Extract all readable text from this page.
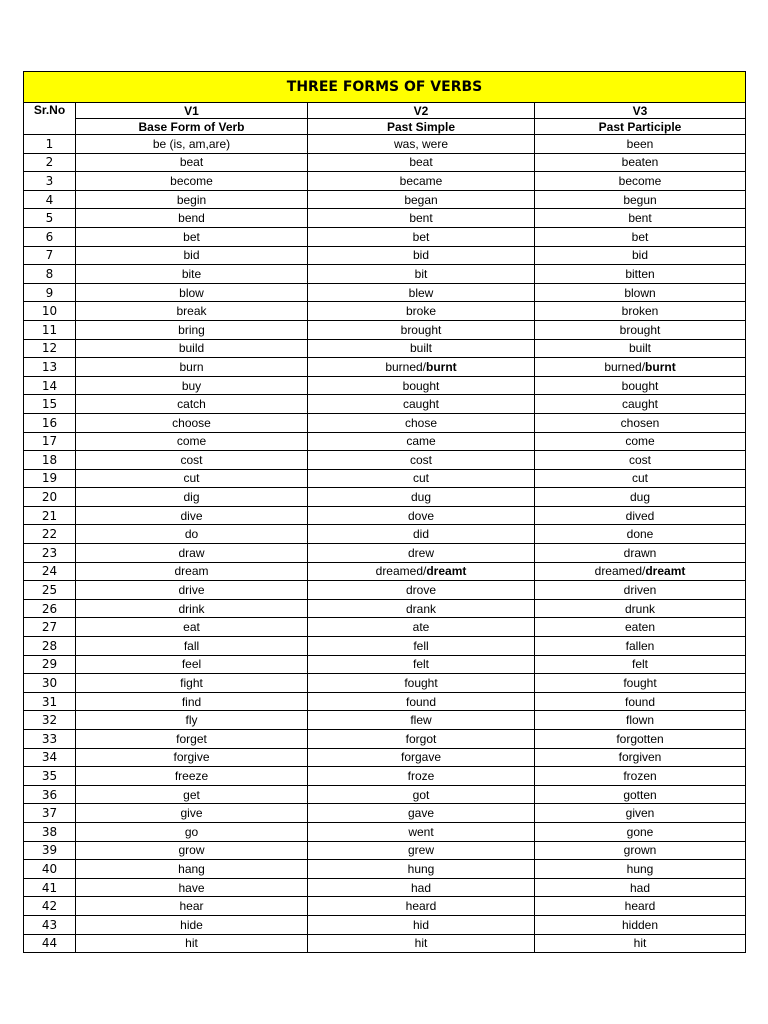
THREE FORMS OF VERBS			
Sr.No	V1	V2	V3
	Base Form of Verb	Past Simple	Past Participle
1	be (is, am,are)	was, were	been
2	beat	beat	beaten
3	become	became	become
4	begin	began	begun
5	bend	bent	bent
6	bet	bet	bet
7	bid	bid	bid
8	bite	bit	bitten
9	blow	blew	blown
10	break	broke	broken
11	bring	brought	brought
12	build	built	built
13	burn	burned/burnt	burned/burnt
14	buy	bought	bought
15	catch	caught	caught
16	choose	chose	chosen
17	come	came	come
18	cost	cost	cost
19	cut	cut	cut
20	dig	dug	dug
21	dive	dove	dived
22	do	did	done
23	draw	drew	drawn
24	dream	dreamed/dreamt	dreamed/dreamt
25	drive	drove	driven
26	drink	drank	drunk
27	eat	ate	eaten
28	fall	fell	fallen
29	feel	felt	felt
30	fight	fought	fought
31	find	found	found
32	fly	flew	flown
33	forget	forgot	forgotten
34	forgive	forgave	forgiven
35	freeze	froze	frozen
36	get	got	gotten
37	give	gave	given
38	go	went	gone
39	grow	grew	grown
40	hang	hung	hung
41	have	had	had
42	hear	heard	heard
43	hide	hid	hidden
44	hit	hit	hit
